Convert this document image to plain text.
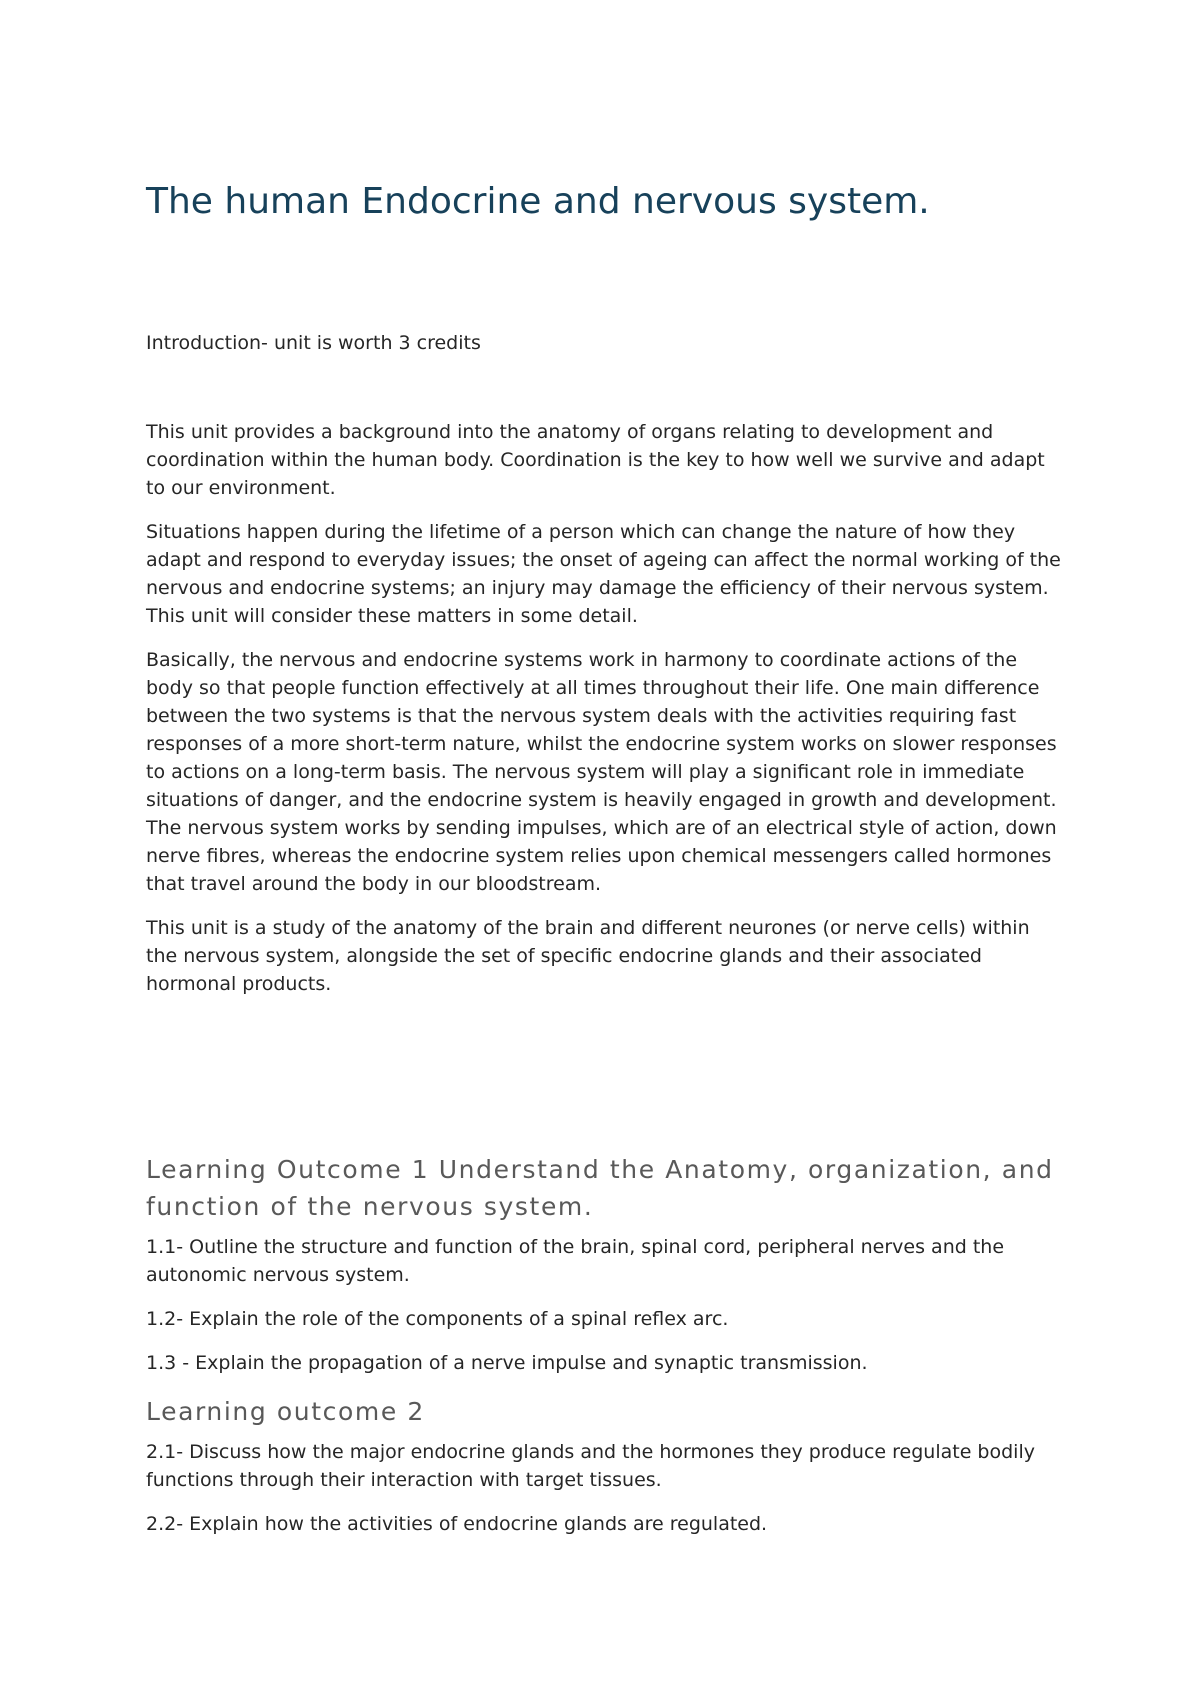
The human Endocrine and nervous system.

Introduction- unit is worth 3 credits

This unit provides a background into the anatomy of organs relating to development and coordination within the human body. Coordination is the key to how well we survive and adapt to our environment.

Situations happen during the lifetime of a person which can change the nature of how they adapt and respond to everyday issues; the onset of ageing can affect the normal working of the nervous and endocrine systems; an injury may damage the efficiency of their nervous system. This unit will consider these matters in some detail.

Basically, the nervous and endocrine systems work in harmony to coordinate actions of the body so that people function effectively at all times throughout their life. One main difference between the two systems is that the nervous system deals with the activities requiring fast responses of a more short-term nature, whilst the endocrine system works on slower responses to actions on a long-term basis. The nervous system will play a significant role in immediate situations of danger, and the endocrine system is heavily engaged in growth and development. The nervous system works by sending impulses, which are of an electrical style of action, down nerve fibres, whereas the endocrine system relies upon chemical messengers called hormones that travel around the body in our bloodstream.

This unit is a study of the anatomy of the brain and different neurones (or nerve cells) within the nervous system, alongside the set of specific endocrine glands and their associated hormonal products.

Learning Outcome 1 Understand the Anatomy, organization, and function of the nervous system.

1.1- Outline the structure and function of the brain, spinal cord, peripheral nerves and the autonomic nervous system.

1.2- Explain the role of the components of a spinal reflex arc.

1.3 - Explain the propagation of a nerve impulse and synaptic transmission.

Learning outcome 2

2.1- Discuss how the major endocrine glands and the hormones they produce regulate bodily functions through their interaction with target tissues.

2.2- Explain how the activities of endocrine glands are regulated.
